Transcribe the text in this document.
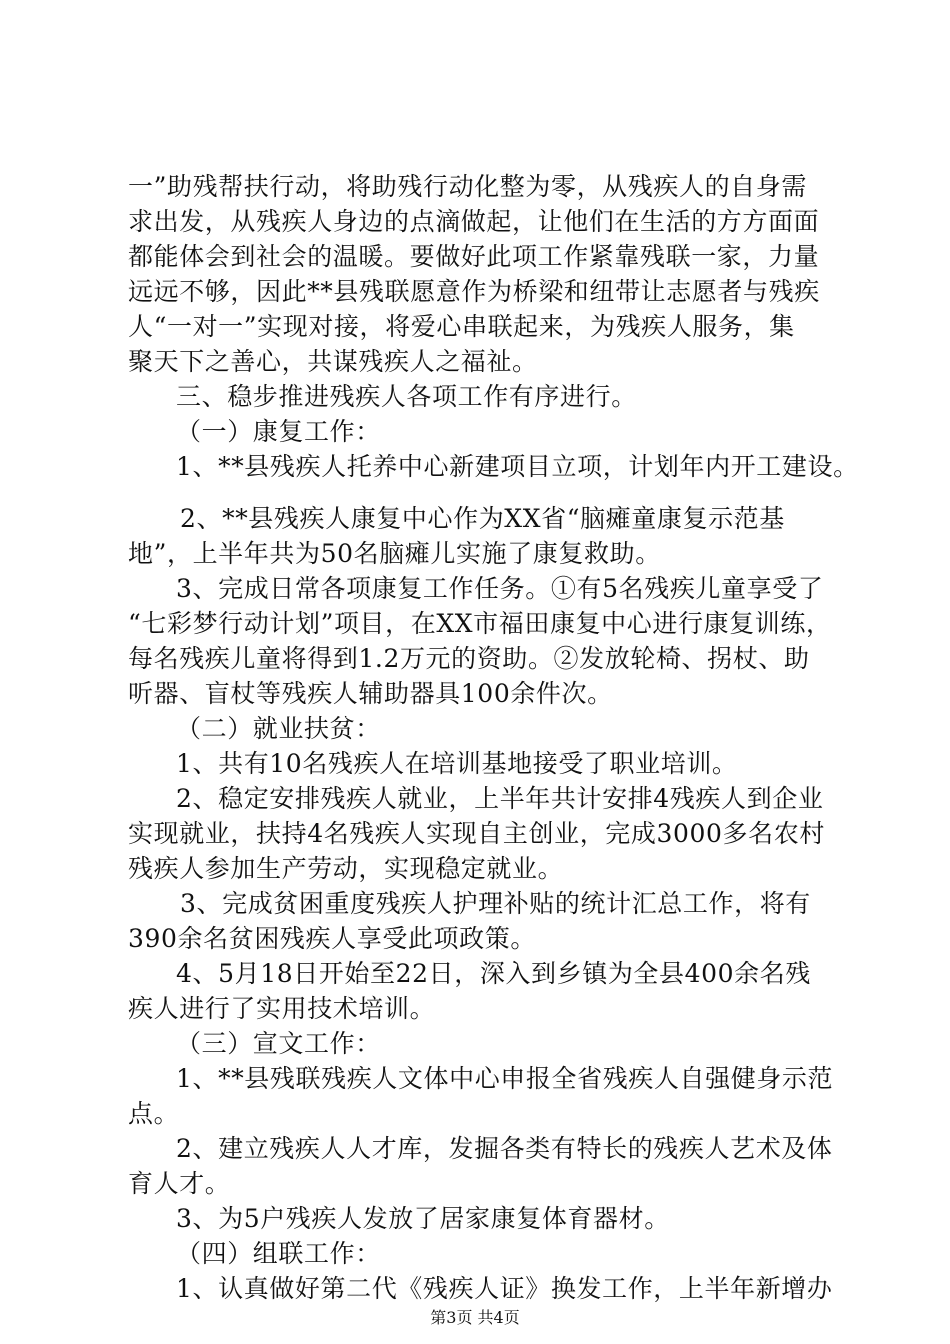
一”助残帮扶行动，将助残行动化整为零，从残疾人的自身需
求出发，从残疾人身边的点滴做起，让他们在生活的方方面面
都能体会到社会的温暖。要做好此项工作紧靠残联一家，力量
远远不够，因此**县残联愿意作为桥梁和纽带让志愿者与残疾
人“一对一”实现对接，将爱心串联起来，为残疾人服务，集
聚天下之善心，共谋残疾人之福祉。
三、稳步推进残疾人各项工作有序进行。
（一）康复工作：
1、**县残疾人托养中心新建项目立项，计划年内开工建设。
2、**县残疾人康复中心作为XX省“脑瘫童康复示范基
地”，上半年共为50名脑瘫儿实施了康复救助。
3、完成日常各项康复工作任务。①有5名残疾儿童享受了
“七彩梦行动计划”项目，在XX市福田康复中心进行康复训练，
每名残疾儿童将得到1.2万元的资助。②发放轮椅、拐杖、助
听器、盲杖等残疾人辅助器具100余件次。
（二）就业扶贫：
1、共有10名残疾人在培训基地接受了职业培训。
2、稳定安排残疾人就业，上半年共计安排4残疾人到企业
实现就业，扶持4名残疾人实现自主创业，完成3000多名农村
残疾人参加生产劳动，实现稳定就业。
3、完成贫困重度残疾人护理补贴的统计汇总工作，将有
390余名贫困残疾人享受此项政策。
4、5月18日开始至22日，深入到乡镇为全县400余名残
疾人进行了实用技术培训。
（三）宣文工作：
1、**县残联残疾人文体中心申报全省残疾人自强健身示范
点。
2、建立残疾人人才库，发掘各类有特长的残疾人艺术及体
育人才。
3、为5户残疾人发放了居家康复体育器材。
（四）组联工作：
1、认真做好第二代《残疾人证》换发工作，上半年新增办
第3页 共4页
